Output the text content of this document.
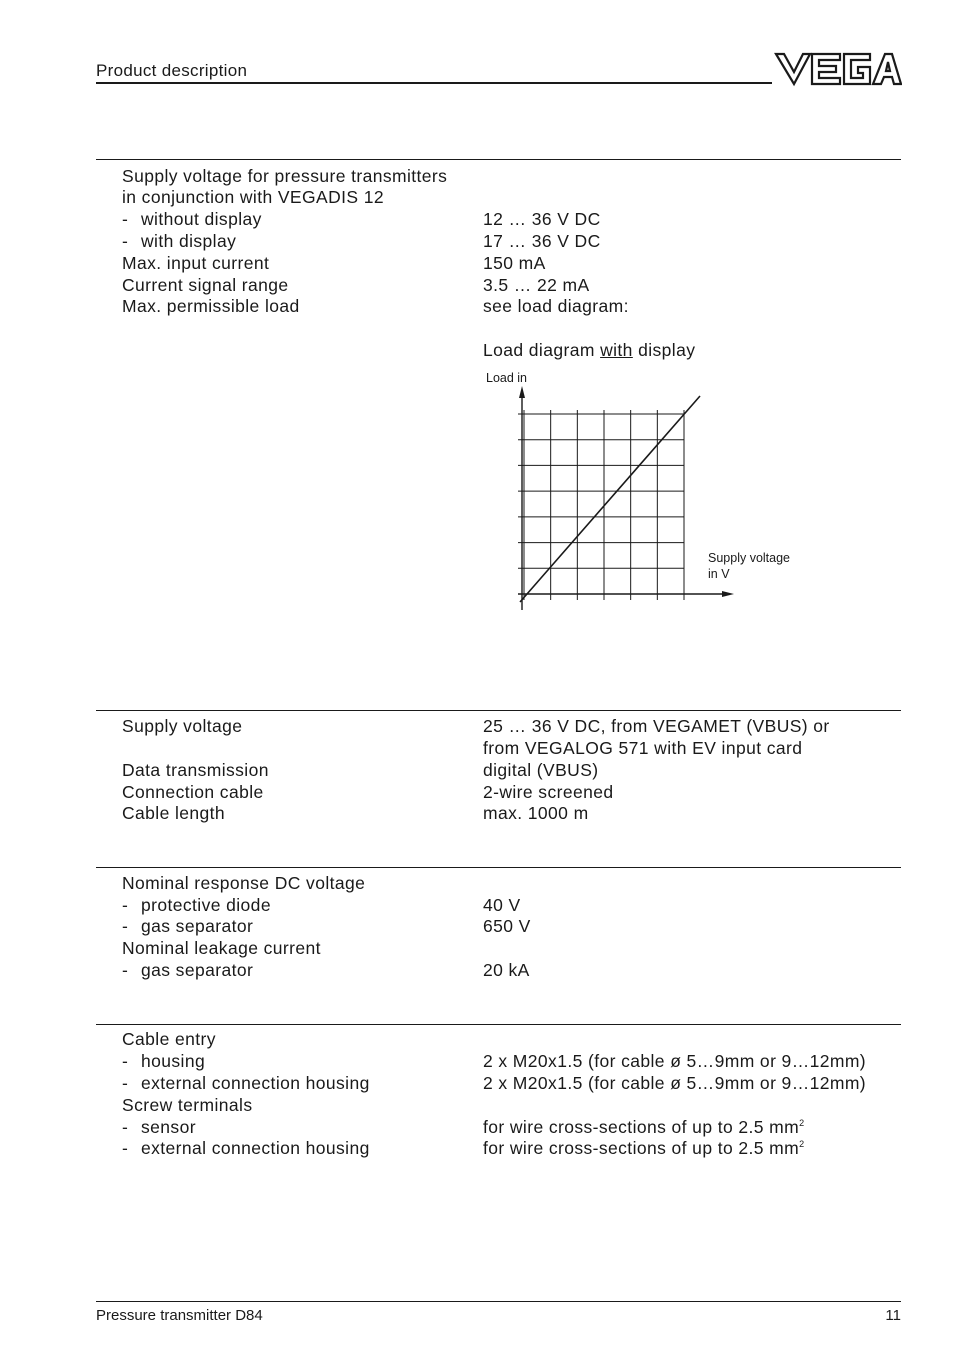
Product description
Supply voltage for pressure transmitters
in conjunction with VEGADIS 12
- without display	12 … 36 V DC
- with display	17 … 36 V DC
Max. input current	150 mA
Current signal range	3.5 … 22 mA
Max. permissible load	see load diagram:
Load diagram with display
Load in
Supply voltage
in V
Supply voltage	25 … 36 V DC, from VEGAMET (VBUS) or
from VEGALOG 571 with EV input card
Data transmission	digital (VBUS)
Connection cable	2-wire screened
Cable length	max. 1000 m
Nominal response DC voltage
- protective diode	40 V
- gas separator	650 V
Nominal leakage current
- gas separator	20 kA
Cable entry
- housing	2 x M20x1.5 (for cable ø 5…9mm or 9…12mm)
- external connection housing	2 x M20x1.5 (for cable ø 5…9mm or 9…12mm)
Screw terminals
- sensor	for wire cross-sections of up to 2.5 $mm^2$
- external connection housing	for wire cross-sections of up to 2.5 $mm^2$
Pressure transmitter D84	11
